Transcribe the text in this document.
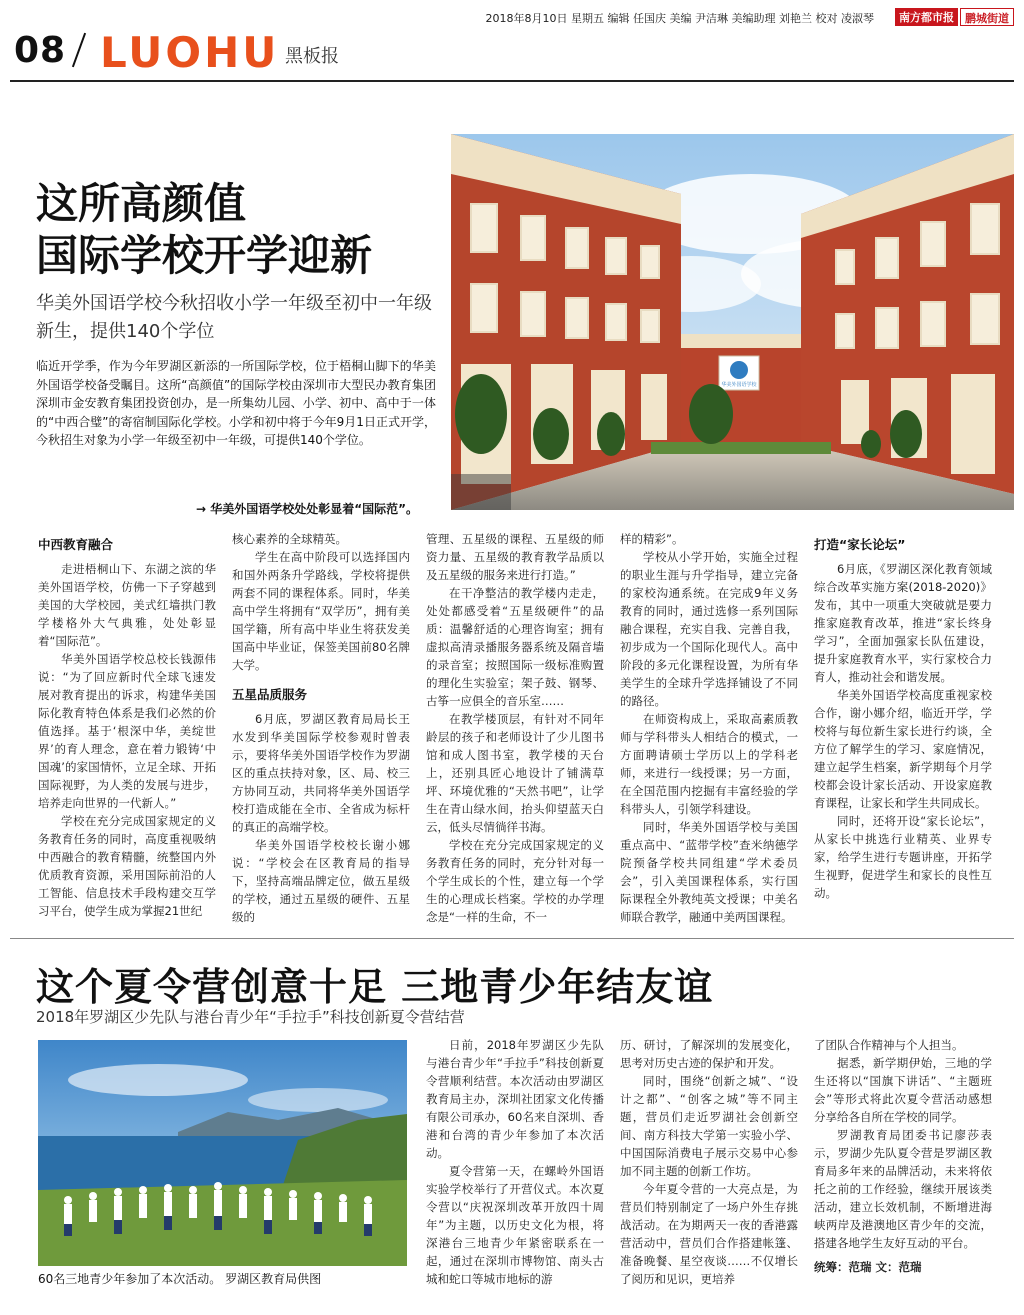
2018年8月10日 星期五 编辑 任国庆 美编 尹洁琳 美编助理 刘艳兰 校对 凌淑琴	南方都市报	鹏城街道
08 LUOHU 黑板报
这所高颜值
国际学校开学迎新
华美外国语学校今秋招收小学一年级至初中一年级新生，提供140个学位

临近开学季，作为今年罗湖区新添的一所国际学校，位于梧桐山脚下的华美外国语学校备受瞩目。这所“高颜值”的国际学校由深圳市大型民办教育集团深圳市金安教育集团投资创办，是一所集幼儿园、小学、初中、高中于一体的“中西合璧”的寄宿制国际化学校。小学和初中将于今年9月1日正式开学，今秋招生对象为小学一年级至初中一年级，可提供140个学位。

华美外国语学校
→ 华美外国语学校处处彰显着“国际范”。
中西教育融合

走进梧桐山下、东湖之滨的华美外国语学校，仿佛一下子穿越到美国的大学校园，美式红墙拱门教学楼格外大气典雅，处处彰显着“国际范”。

华美外国语学校总校长钱源伟说：“为了回应新时代全球飞速发展对教育提出的诉求，构建华美国际化教育特色体系是我们必然的价值选择。基于‘根深中华，美绽世界’的育人理念，意在着力锻铸‘中国魂’的家国情怀，立足全球、开拓国际视野，为人类的发展与进步，培养走向世界的一代新人。”

学校在充分完成国家规定的义务教育任务的同时，高度重视吸纳中西融合的教育精髓，统整国内外优质教育资源，采用国际前沿的人工智能、信息技术手段构建交互学习平台，使学生成为掌握21世纪

核心素养的全球精英。

学生在高中阶段可以选择国内和国外两条升学路线，学校将提供两套不同的课程体系。同时，华美高中学生将拥有“双学历”，拥有美国学籍，所有高中毕业生将获发美国高中毕业证，保签美国前80名牌大学。

五星品质服务

6月底，罗湖区教育局局长王水发到华美国际学校参观时曾表示，要将华美外国语学校作为罗湖区的重点扶持对象，区、局、校三方协同互动，共同将华美外国语学校打造成能在全市、全省成为标杆的真正的高端学校。

华美外国语学校校长谢小娜说：“学校会在区教育局的指导下，坚持高端品牌定位，做五星级的学校，通过五星级的硬件、五星级的

管理、五星级的课程、五星级的师资力量、五星级的教育教学品质以及五星级的服务来进行打造。”

在干净整洁的教学楼内走走，处处都感受着“五星级硬件”的品质：温馨舒适的心理咨询室；拥有虚拟高清录播服务器系统及隔音墙的录音室；按照国际一级标准购置的理化生实验室；架子鼓、钢琴、古筝一应俱全的音乐室……

在教学楼顶层，有针对不同年龄层的孩子和老师设计了少儿图书馆和成人图书室，教学楼的天台上，还别具匠心地设计了铺满草坪、环境优雅的“天然书吧”，让学生在青山绿水间，抬头仰望蓝天白云，低头尽情徜徉书海。

学校在充分完成国家规定的义务教育任务的同时，充分针对每一个学生成长的个性，建立每一个学生的心理成长档案。学校的办学理念是“一样的生命，不一

样的精彩”。

学校从小学开始，实施全过程的职业生涯与升学指导，建立完备的家校沟通系统。在完成9年义务教育的同时，通过选修一系列国际融合课程，充实自我、完善自我，初步成为一个国际化现代人。高中阶段的多元化课程设置，为所有华美学生的全球升学选择铺设了不同的路径。

在师资构成上，采取高素质教师与学科带头人相结合的模式，一方面聘请硕士学历以上的学科老师，来进行一线授课；另一方面，在全国范围内挖掘有丰富经验的学科带头人，引领学科建设。

同时，华美外国语学校与美国重点高中、“蓝带学校”查米纳德学院预备学校共同组建“学术委员会”，引入美国课程体系，实行国际课程全外教纯英文授课；中美名师联合教学，融通中美两国课程。

打造“家长论坛”

6月底，《罗湖区深化教育领域综合改革实施方案(2018-2020)》发布，其中一项重大突破就是要力推家庭教育改革，推进“家长终身学习”，全面加强家长队伍建设，提升家庭教育水平，实行家校合力育人，推动社会和谐发展。

华美外国语学校高度重视家校合作，谢小娜介绍，临近开学，学校将与每位新生家长进行约谈，全方位了解学生的学习、家庭情况，建立起学生档案，新学期每个月学校都会设计家长活动、开设家庭教育课程，让家长和学生共同成长。

同时，还将开设“家长论坛”，从家长中挑选行业精英、业界专家，给学生进行专题讲座，开拓学生视野，促进学生和家长的良性互动。

这个夏令营创意十足 三地青少年结友谊
2018年罗湖区少先队与港台青少年“手拉手”科技创新夏令营结营
60名三地青少年参加了本次活动。 罗湖区教育局供图

日前，2018年罗湖区少先队与港台青少年“手拉手”科技创新夏令营顺利结营。本次活动由罗湖区教育局主办，深圳社团家文化传播有限公司承办，60名来自深圳、香港和台湾的青少年参加了本次活动。

夏令营第一天，在螺岭外国语实验学校举行了开营仪式。本次夏令营以“庆祝深圳改革开放四十周年”为主题，以历史文化为根，将深港台三地青少年紧密联系在一起，通过在深圳市博物馆、南头古城和蛇口等城市地标的游

历、研讨，了解深圳的发展变化，思考对历史古迹的保护和开发。

同时，围绕“创新之城”、“设计之都”、“创客之城”等不同主题，营员们走近罗湖社会创新空间、南方科技大学第一实验小学、中国国际消费电子展示交易中心参加不同主题的创新工作坊。

今年夏令营的一大亮点是，为营员们特别制定了一场户外生存挑战活动。在为期两天一夜的香港露营活动中，营员们合作搭建帐篷、准备晚餐、星空夜谈……不仅增长了阅历和见识，更培养

了团队合作精神与个人担当。

据悉，新学期伊始，三地的学生还将以“国旗下讲话”、“主题班会”等形式将此次夏令营活动感想分享给各自所在学校的同学。

罗湖教育局团委书记廖莎表示，罗湖少先队夏令营是罗湖区教育局多年来的品牌活动，未来将依托之前的工作经验，继续开展该类活动，建立长效机制，不断增进海峡两岸及港澳地区青少年的交流，搭建各地学生友好互动的平台。

统筹：范瑞 文：范瑞
